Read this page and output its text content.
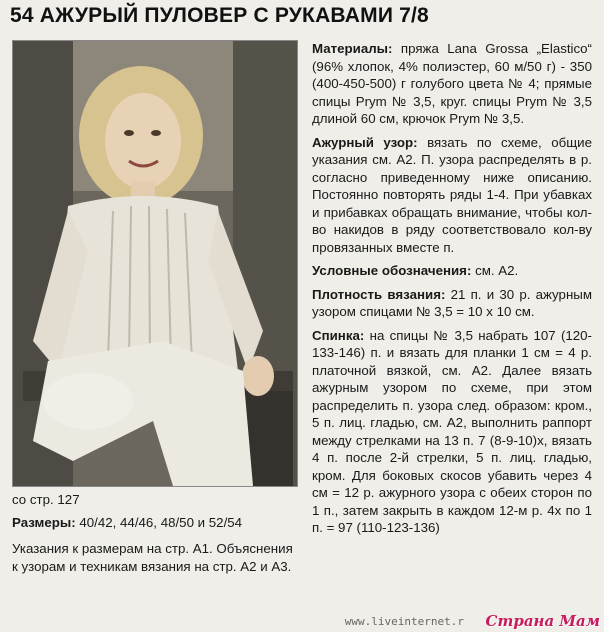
54 АЖУРЫЙ ПУЛОВЕР С РУКАВАМИ 7/8

со стр. 127

Размеры: 40/42, 44/46, 48/50 и 52/54

Указания к размерам на стр. А1. Объяснения к узорам и техникам вязания на стр. А2 и А3.

Материалы: пряжа Lana Grossa „Elastico“ (96% хлопок, 4% полиэстер, 60 м/50 г) - 350 (400-450-500) г голубого цвета № 4; прямые спицы Prym № 3,5, круг. спицы Prym № 3,5 длиной 60 см, крючок Prym № 3,5.

Ажурный узор: вязать по схеме, общие указания см. А2. П. узора распределять в р. согласно приведенному ниже описанию. Постоянно повторять ряды 1-4. При убавках и прибавках обращать внимание, чтобы кол-во накидов в ряду соответствовало кол-ву провязанных вместе п.

Условные обозначения: см. А2.

Плотность вязания: 21 п. и 30 р. ажурным узором спицами № 3,5 = 10 х 10 см.

Спинка: на спицы № 3,5 набрать 107 (120-133-146) п. и вязать для планки 1 см = 4 р. платочной вязкой, см. А2. Далее вязать ажурным узором по схеме, при этом распределить п. узора след. образом: кром., 5 п. лиц. гладью, см. А2, выполнить раппорт между стрелками на 13 п. 7 (8-9-10)х, вязать 4 п. после 2-й стрелки, 5 п. лиц. гладью, кром. Для боковых скосов убавить через 4 см = 12 р. ажурного узора с обеих сторон по 1 п., затем закрыть в каждом 12-м р. 4х по 1 п. = 97 (110-123-136)

www.liveinternet.r Страна Мам
